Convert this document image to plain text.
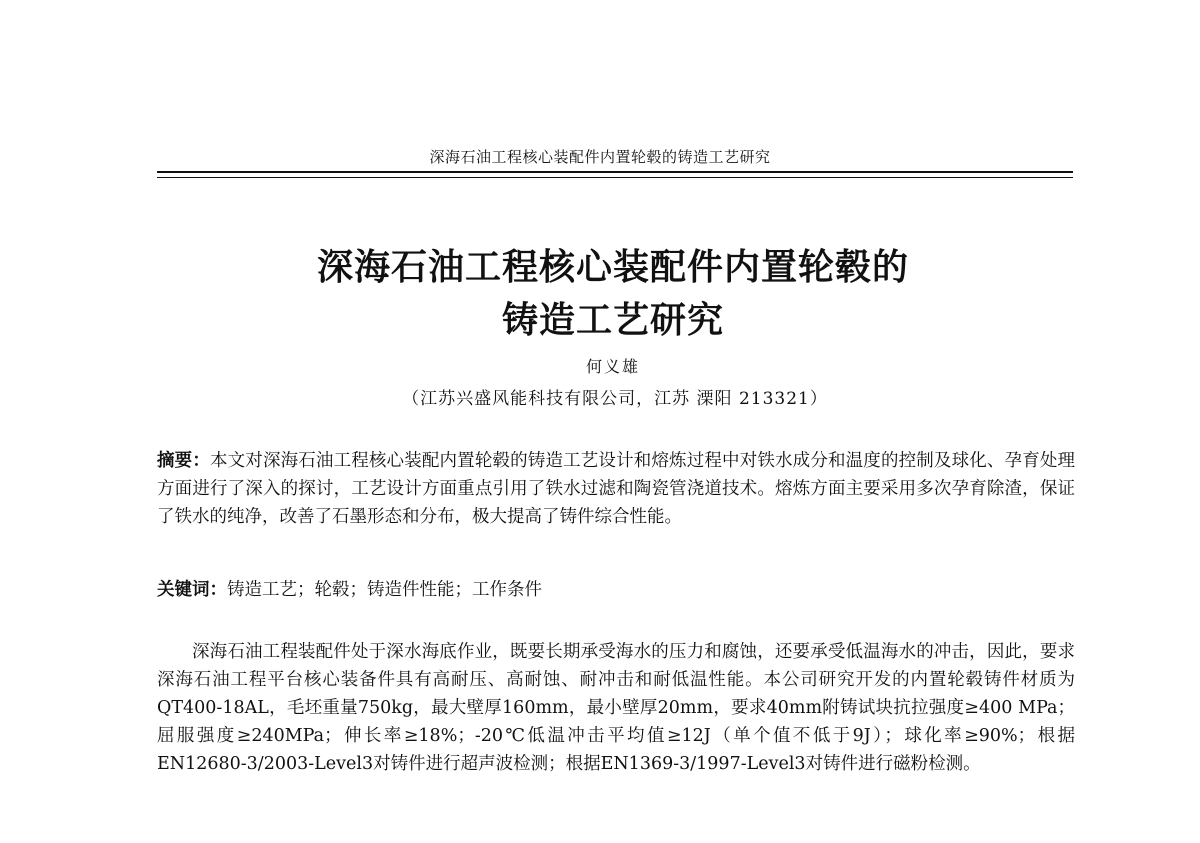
深海石油工程核心装配件内置轮毂的铸造工艺研究
深海石油工程核心装配件内置轮毂的
铸造工艺研究
何义雄
（江苏兴盛风能科技有限公司，江苏 溧阳 213321）
摘要：本文对深海石油工程核心装配内置轮毂的铸造工艺设计和熔炼过程中对铁水成分和温度的控制及球化、孕育处理方面进行了深入的探讨，工艺设计方面重点引用了铁水过滤和陶瓷管浇道技术。熔炼方面主要采用多次孕育除渣，保证了铁水的纯净，改善了石墨形态和分布，极大提高了铸件综合性能。
关键词：铸造工艺；轮毂；铸造件性能；工作条件
深海石油工程装配件处于深水海底作业，既要长期承受海水的压力和腐蚀，还要承受低温海水的冲击，因此，要求深海石油工程平台核心装备件具有高耐压、高耐蚀、耐冲击和耐低温性能。本公司研究开发的内置轮毂铸件材质为QT400-18AL，毛坯重量750kg，最大壁厚160mm，最小壁厚20mm，要求40mm附铸试块抗拉强度≥400 MPa；屈服强度≥240MPa；伸长率≥18%；-20℃低温冲击平均值≥12J（单个值不低于9J）；球化率≥90%；根据EN12680-3/2003-Level3对铸件进行超声波检测；根据EN1369-3/1997-Level3对铸件进行磁粉检测。
